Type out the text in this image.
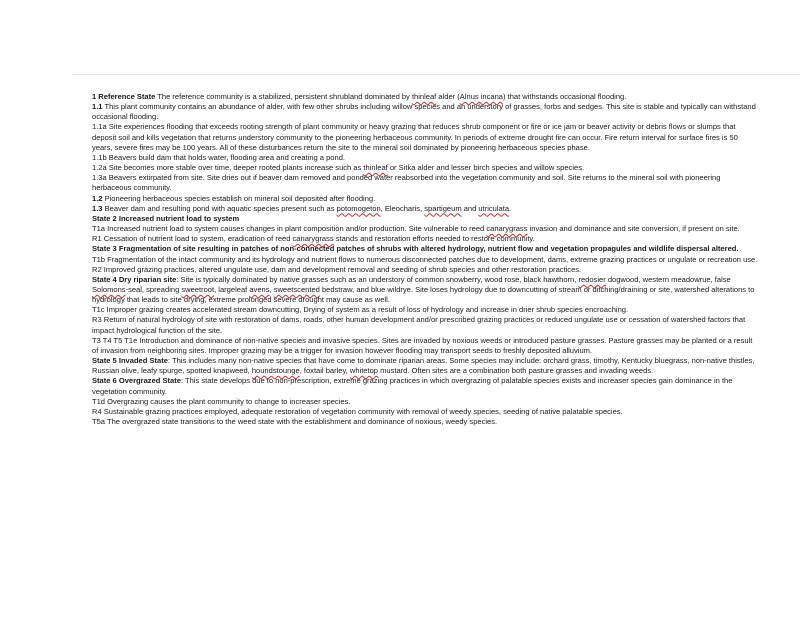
1 Reference State The reference community is a stabilized, persistent shrubland dominated by thinleaf alder (Alnus incana) that withstands occasional flooding.

1.1 This plant community contains an abundance of alder, with few other shrubs including willow species and an understory of grasses, forbs and sedges. This site is stable and typically can withstand occasional flooding.

1.1a Site experiences flooding that exceeds rooting strength of plant community or heavy grazing that reduces shrub component or fire or ice jam or beaver activity or debris flows or slumps that deposit soil and kills vegetation that returns understory community to the pioneering herbaceous community. In periods of extreme drought fire can occur. Fire return interval for surface fires is 50 years, severe fires may be 100 years. All of these disturbances return the site to the mineral soil dominated by pioneering herbaceous species phase.

1.1b Beavers build dam that holds water, flooding area and creating a pond.

1.2a Site becomes more stable over time, deeper rooted plants increase such as thinleaf or Sitka alder and lesser birch species and willow species.

1.3a Beavers extirpated from site. Site dries out if beaver dam removed and ponded water reabsorbed into the vegetation community and soil. Site returns to the mineral soil with pioneering herbaceous community.

1.2 Pioneering herbaceous species establish on mineral soil deposited after flooding.

1.3 Beaver dam and resulting pond with aquatic species present such as potomogeton, Eleocharis, spartigeum and utriculata.

State 2 Increased nutrient load to system

T1a Increased nutrient load to system causes changes in plant composition and/or production. Site vulnerable to reed canarygrass invasion and dominance and site conversion, if present on site.

R1 Cessation of nutrient load to system, eradication of reed canarygrass stands and restoration efforts needed to restore community.

State 3 Fragmentation of site resulting in patches of non-connected patches of shrubs with altered hydrology, nutrient flow and vegetation propagules and wildlife dispersal altered.

T1b Fragmentation of the intact community and its hydrology and nutrient flows to numerous disconnected patches due to development, dams, extreme grazing practices or ungulate or recreation use.

R2 Improved grazing practices, altered ungulate use, dam and development removal and seeding of shrub species and other restoration practices.

State 4 Dry riparian site: Site is typically dominated by native grasses such as an understory of common snowberry, wood rose, black hawthorn, redosier dogwood, western meadowrue, false Solomons-seal, spreading sweetroot, largeleaf avens, sweetscented bedstraw, and blue wildrye. Site loses hydrology due to downcutting of stream or ditching/draining or site, watershed alterations to hydrology that leads to site drying, extreme prolonged severe drought may cause as well.

T1c Improper grazing creates accelerated stream downcutting, Drying of system as a result of loss of hydrology and increase in drier shrub species encroaching.

R3 Return of natural hydrology of site with restoration of dams, roads, other human development and/or prescribed grazing practices or reduced ungulate use or cessation of watershed factors that impact hydrological function of the site.

T3 T4 T5 T1e Introduction and dominance of non-native species and invasive species. Sites are invaded by noxious weeds or introduced pasture grasses. Pasture grasses may be planted or a result of invasion from neighboring sites. Improper grazing may be a trigger for invasion however flooding may transport seeds to freshly deposited alluvium.

State 5 Invaded State: This includes many non-native species that have come to dominate riparian areas. Some species may include: orchard grass, timothy, Kentucky bluegrass, non-native thistles, Russian olive, leafy spurge, spotted knapweed, houndstounge, foxtail barley, whitetop mustard. Often sites are a combination both pasture grasses and invading weeds.

State 6 Overgrazed State: This state develops due to non-prescription, extreme grazing practices in which overgrazing of palatable species exists and increaser species gain dominance in the vegetation community.

T1d Overgrazing causes the plant community to change to increaser species.

R4 Sustainable grazing practices employed, adequate restoration of vegetation community with removal of weedy species, seeding of native palatable species.

T5a The overgrazed state transitions to the weed state with the establishment and dominance of noxious, weedy species.
